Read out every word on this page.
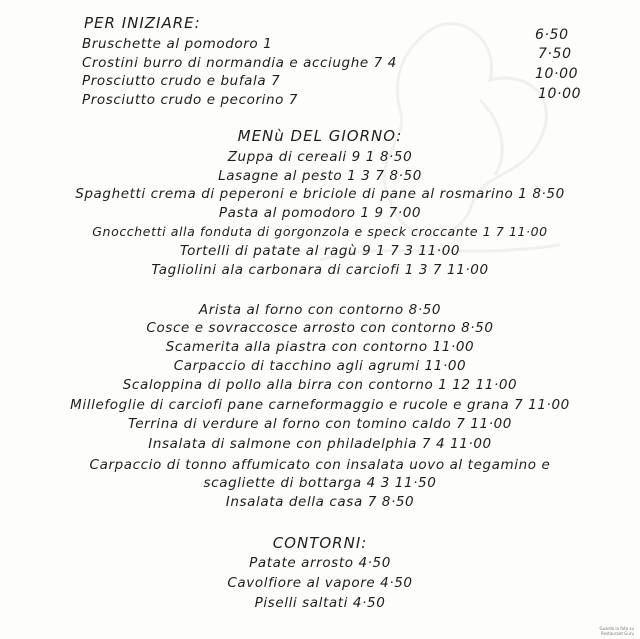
PER INIZIARE:
Bruschette al pomodoro 1
6·50
Crostini burro di normandia e acciughe 7 4
7·50
Prosciutto crudo e bufala 7	10·00
Prosciutto crudo e pecorino 7	10·00
MENù DEL GIORNO:
Zuppa di cereali 9 1 8·50
Lasagne al pesto 1 3 7 8·50
Spaghetti crema di peperoni e briciole di pane al rosmarino 1 8·50
Pasta al pomodoro 1 9 7·00
Gnocchetti alla fonduta di gorgonzola e speck croccante 1 7 11·00
Tortelli di patate al ragù 9 1 7 3 11·00
Tagliolini ala carbonara di carciofi 1 3 7 11·00
Arista al forno con contorno 8·50
Cosce e sovraccosce arrosto con contorno 8·50
Scamerita alla piastra con contorno 11·00
Carpaccio di tacchino agli agrumi 11·00
Scaloppina di pollo alla birra con contorno 1 12 11·00
Millefoglie di carciofi pane carneformaggio e rucole e grana 7 11·00
Terrina di verdure al forno con tomino caldo 7 11·00
Insalata di salmone con philadelphia 7 4 11·00
Carpaccio di tonno affumicato con insalata uovo al tegamino e
scagliette di bottarga 4 3 11·50
Insalata della casa 7 8·50
CONTORNI:
Patate arrosto 4·50
Cavolfiore al vapore 4·50
Piselli saltati 4·50
Guarda la foto su
Restaurant Guru
